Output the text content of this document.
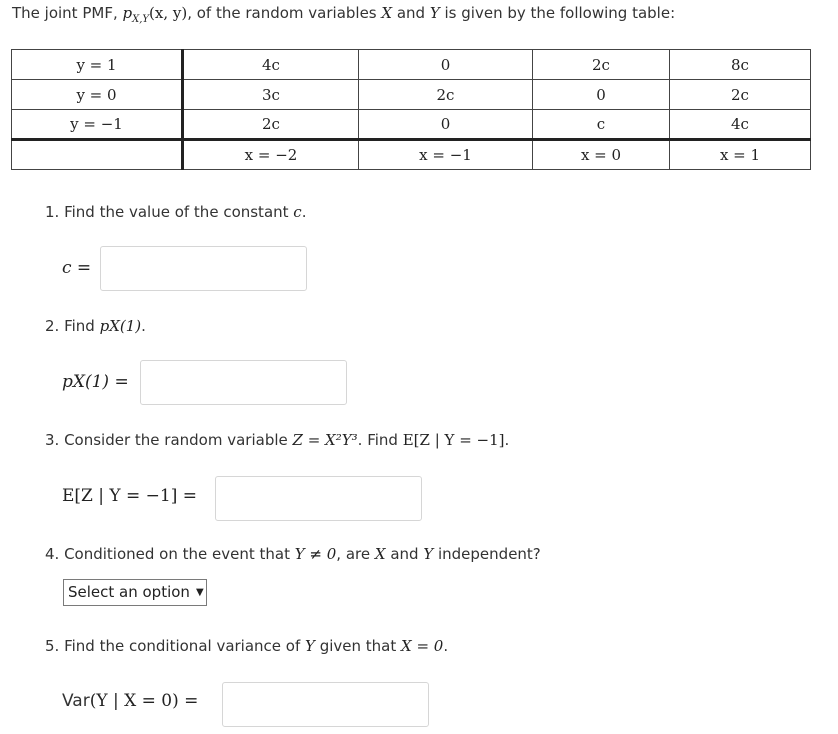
The joint PMF, $p_{X,Y}(x$, y), of the random variables X and Y is given by the following table:
y = 1	4c	0	2c	8c
y = 0	3c	2c	0	2c
y = −1	2c	0	c	4c
	x = −2	x = −1	x = 0	x = 1
1. Find the value of the constant c.
c =
2. Find pX(1).
pX(1) =
3. Consider the random variable Z = X²Y³. Find E[Z | Y = −1].
E[Z | Y = −1] =
4. Conditioned on the event that Y ≠ 0, are X and Y independent?
Select an option ▼
5. Find the conditional variance of Y given that X = 0.
Var(Y | X = 0) =
